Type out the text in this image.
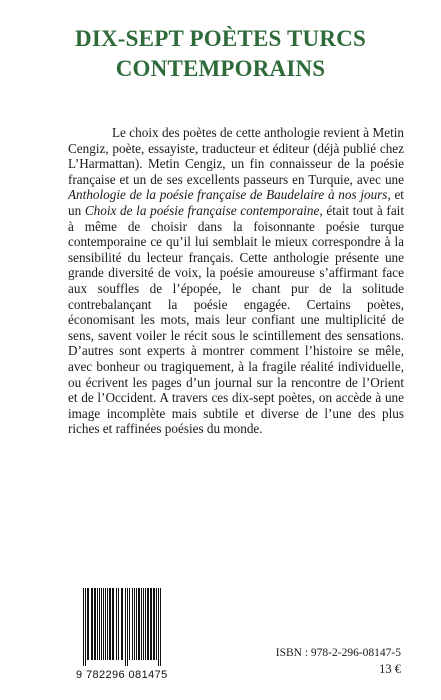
DIX-SEPT POÈTES TURCS
CONTEMPORAINS

Le choix des poètes de cette anthologie revient à Metin Cengiz, poète, essayiste, traducteur et éditeur (déjà publié chez L’Harmattan). Metin Cengiz, un fin connaisseur de la poésie française et un de ses excellents passeurs en Turquie, avec une Anthologie de la poésie française de Baudelaire à nos jours, et un Choix de la poésie française contemporaine, était tout à fait à même de choisir dans la foisonnante poésie turque contemporaine ce qu’il lui semblait le mieux correspondre à la sensibilité du lecteur français. Cette anthologie présente une grande diversité de voix, la poésie amoureuse s’affirmant face aux souffles de l’épopée, le chant pur de la solitude contrebalançant la poésie engagée. Certains poètes, économisant les mots, mais leur confiant une multiplicité de sens, savent voiler le récit sous le scintillement des sensations. D’autres sont experts à montrer comment l’histoire se mêle, avec bonheur ou tragiquement, à la fragile réalité individuelle, ou écrivent les pages d’un journal sur la rencontre de l’Orient et de l’Occident. A travers ces dix-sept poètes, on accède à une image incomplète mais subtile et diverse de l’une des plus riches et raffinées poésies du monde.

9 782296 081475
ISBN : 978-2-296-08147-5
13 €
